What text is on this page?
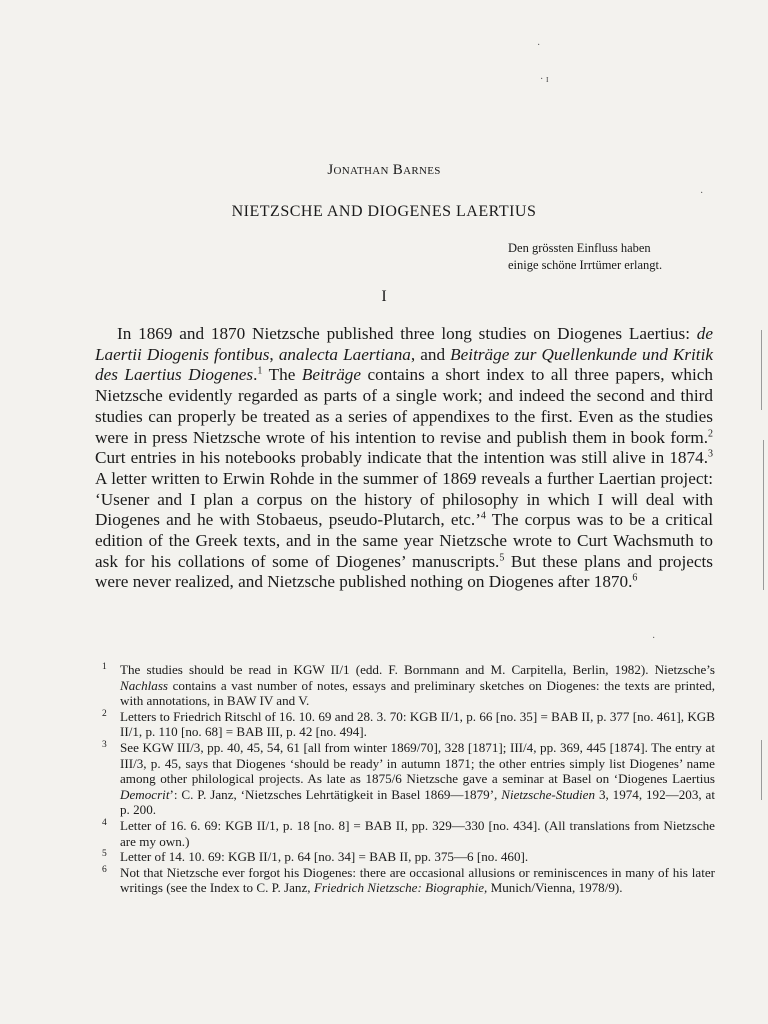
·
· ɪ
·
·
Jonathan Barnes
NIETZSCHE AND DIOGENES LAERTIUS
Den grössten Einfluss haben
einige schöne Irrtümer erlangt.
I

In 1869 and 1870 Nietzsche published three long studies on Diogenes Laertius: de Laertii Diogenis fontibus, analecta Laertiana, and Beiträge zur Quellenkunde und Kritik des Laertius Diogenes.$^1$ The Beiträge contains a short index to all three papers, which Nietzsche evidently regarded as parts of a single work; and indeed the second and third studies can properly be treated as a series of appendixes to the first. Even as the studies were in press Nietzsche wrote of his intention to revise and publish them in book form.$^2$ Curt entries in his notebooks probably indicate that the intention was still alive in 1874.$^3$ A letter written to Erwin Rohde in the summer of 1869 reveals a further Laertian project: ‘Usener and I plan a corpus on the history of philosophy in which I will deal with Diogenes and he with Stobaeus, pseudo-Plutarch, etc.’$^4$ The corpus was to be a critical edition of the Greek texts, and in the same year Nietzsche wrote to Curt Wachsmuth to ask for his collations of some of Diogenes’ manuscripts.$^5$ But these plans and projects were never realized, and Nietzsche published nothing on Diogenes after 1870.$^6$

1 The studies should be read in KGW II/1 (edd. F. Bornmann and M. Carpitella, Berlin, 1982). Nietzsche’s Nachlass contains a vast number of notes, essays and preliminary sketches on Diogenes: the texts are printed, with annotations, in BAW IV and V.
2 Letters to Friedrich Ritschl of 16. 10. 69 and 28. 3. 70: KGB II/1, p. 66 [no. 35] = BAB II, p. 377 [no. 461], KGB II/1, p. 110 [no. 68] = BAB III, p. 42 [no. 494].
3 See KGW III/3, pp. 40, 45, 54, 61 [all from winter 1869/70], 328 [1871]; III/4, pp. 369, 445 [1874]. The entry at III/3, p. 45, says that Diogenes ‘should be ready’ in autumn 1871; the other entries simply list Diogenes’ name among other philological projects. As late as 1875/6 Nietzsche gave a seminar at Basel on ‘Diogenes Laertius Democrit’: C. P. Janz, ‘Nietzsches Lehrtätigkeit in Basel 1869—1879’, Nietzsche-Studien 3, 1974, 192—203, at p. 200.
4 Letter of 16. 6. 69: KGB II/1, p. 18 [no. 8] = BAB II, pp. 329—330 [no. 434]. (All translations from Nietzsche are my own.)
5 Letter of 14. 10. 69: KGB II/1, p. 64 [no. 34] = BAB II, pp. 375—6 [no. 460].
6 Not that Nietzsche ever forgot his Diogenes: there are occasional allusions or reminiscences in many of his later writings (see the Index to C. P. Janz, Friedrich Nietzsche: Biographie, Munich/Vienna, 1978/9).
